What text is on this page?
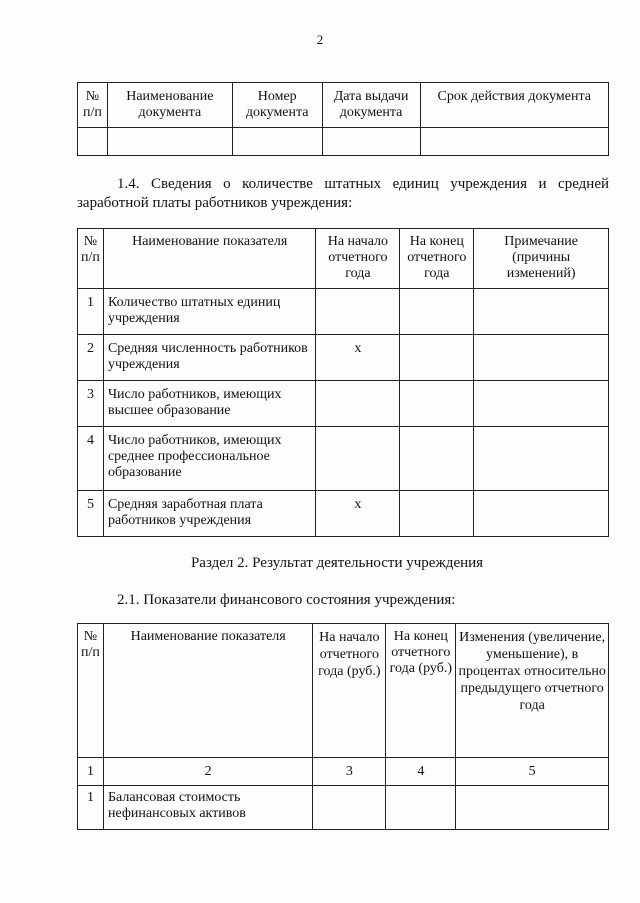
2
№ п/п	Наименование документа	Номер документа	Дата выдачи документа	Срок действия документа

1.4. Сведения о количестве штатных единиц учреждения и средней заработной платы работников учреждения:
№ п/п	Наименование показателя	На начало отчетного года	На конец отчетного года	Примечание (причины изменений)
1	Количество штатных единиц учреждения			
2	Средняя численность работников учреждения	х		
3	Число работников, имеющих высшее образование			
4	Число работников, имеющих среднее профессиональное образование			
5	Средняя заработная плата работников учреждения	х		
Раздел 2. Результат деятельности учреждения
2.1. Показатели финансового состояния учреждения:
№ п/п	Наименование показателя	На начало отчетного года (руб.)	На конец отчетного года (руб.)	Изменения (увеличение, уменьшение), в процентах относительно предыдущего отчетного года
1	2	3	4	5
1	Балансовая стоимость нефинансовых активов			
